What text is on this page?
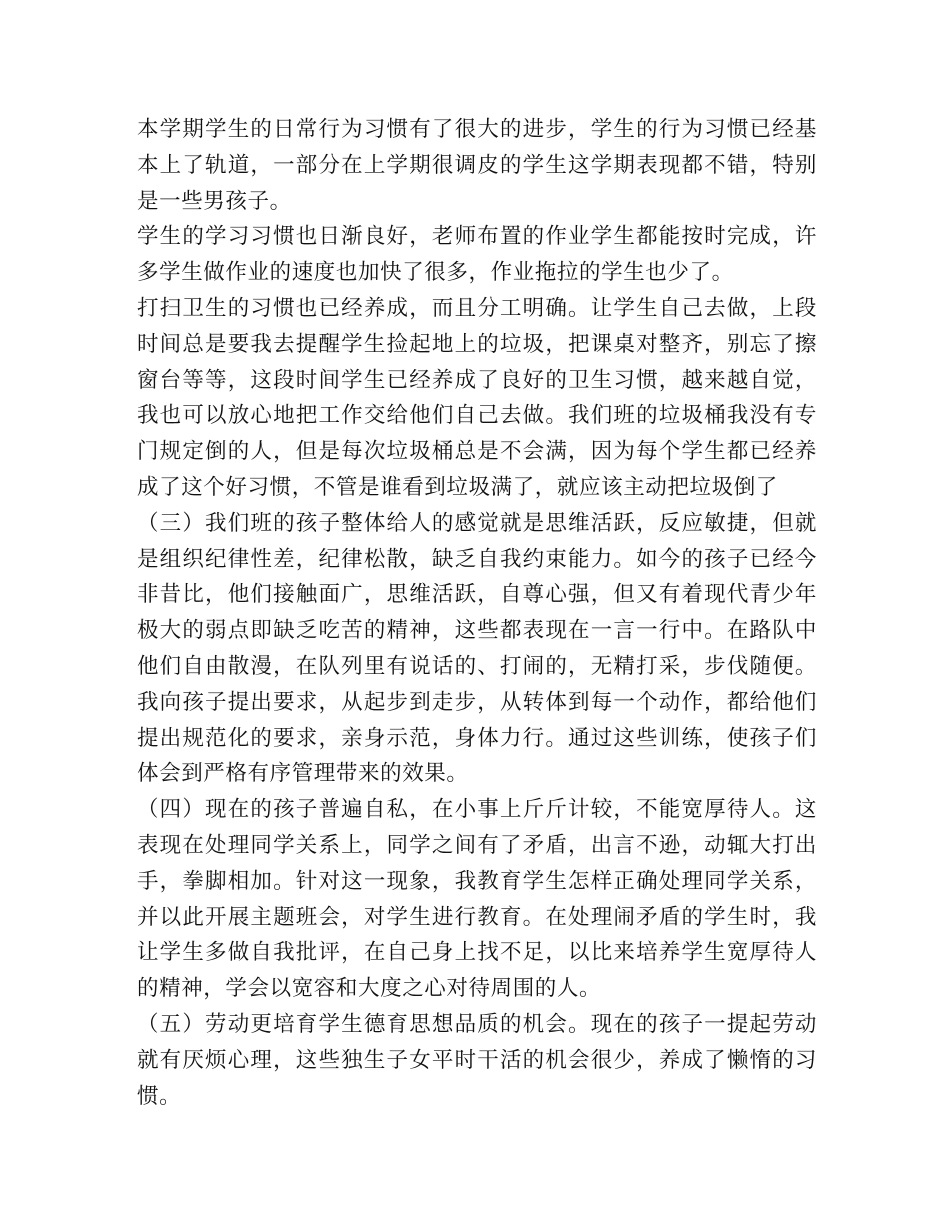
本学期学生的日常行为习惯有了很大的进步，学生的行为习惯已经基本上了轨道，一部分在上学期很调皮的学生这学期表现都不错，特别是一些男孩子。

学生的学习习惯也日渐良好，老师布置的作业学生都能按时完成，许多学生做作业的速度也加快了很多，作业拖拉的学生也少了。

打扫卫生的习惯也已经养成，而且分工明确。让学生自己去做，上段时间总是要我去提醒学生捡起地上的垃圾，把课桌对整齐，别忘了擦窗台等等，这段时间学生已经养成了良好的卫生习惯，越来越自觉，我也可以放心地把工作交给他们自己去做。我们班的垃圾桶我没有专门规定倒的人，但是每次垃圾桶总是不会满，因为每个学生都已经养成了这个好习惯，不管是谁看到垃圾满了，就应该主动把垃圾倒了

（三）我们班的孩子整体给人的感觉就是思维活跃，反应敏捷，但就是组织纪律性差，纪律松散，缺乏自我约束能力。如今的孩子已经今非昔比，他们接触面广，思维活跃，自尊心强，但又有着现代青少年极大的弱点即缺乏吃苦的精神，这些都表现在一言一行中。在路队中他们自由散漫，在队列里有说话的、打闹的，无精打采，步伐随便。我向孩子提出要求，从起步到走步，从转体到每一个动作，都给他们提出规范化的要求，亲身示范，身体力行。通过这些训练，使孩子们体会到严格有序管理带来的效果。

（四）现在的孩子普遍自私，在小事上斤斤计较，不能宽厚待人。这表现在处理同学关系上，同学之间有了矛盾，出言不逊，动辄大打出手，拳脚相加。针对这一现象，我教育学生怎样正确处理同学关系，并以此开展主题班会，对学生进行教育。在处理闹矛盾的学生时，我让学生多做自我批评，在自己身上找不足，以比来培养学生宽厚待人的精神，学会以宽容和大度之心对待周围的人。

（五）劳动更培育学生德育思想品质的机会。现在的孩子一提起劳动就有厌烦心理，这些独生子女平时干活的机会很少，养成了懒惰的习惯。
